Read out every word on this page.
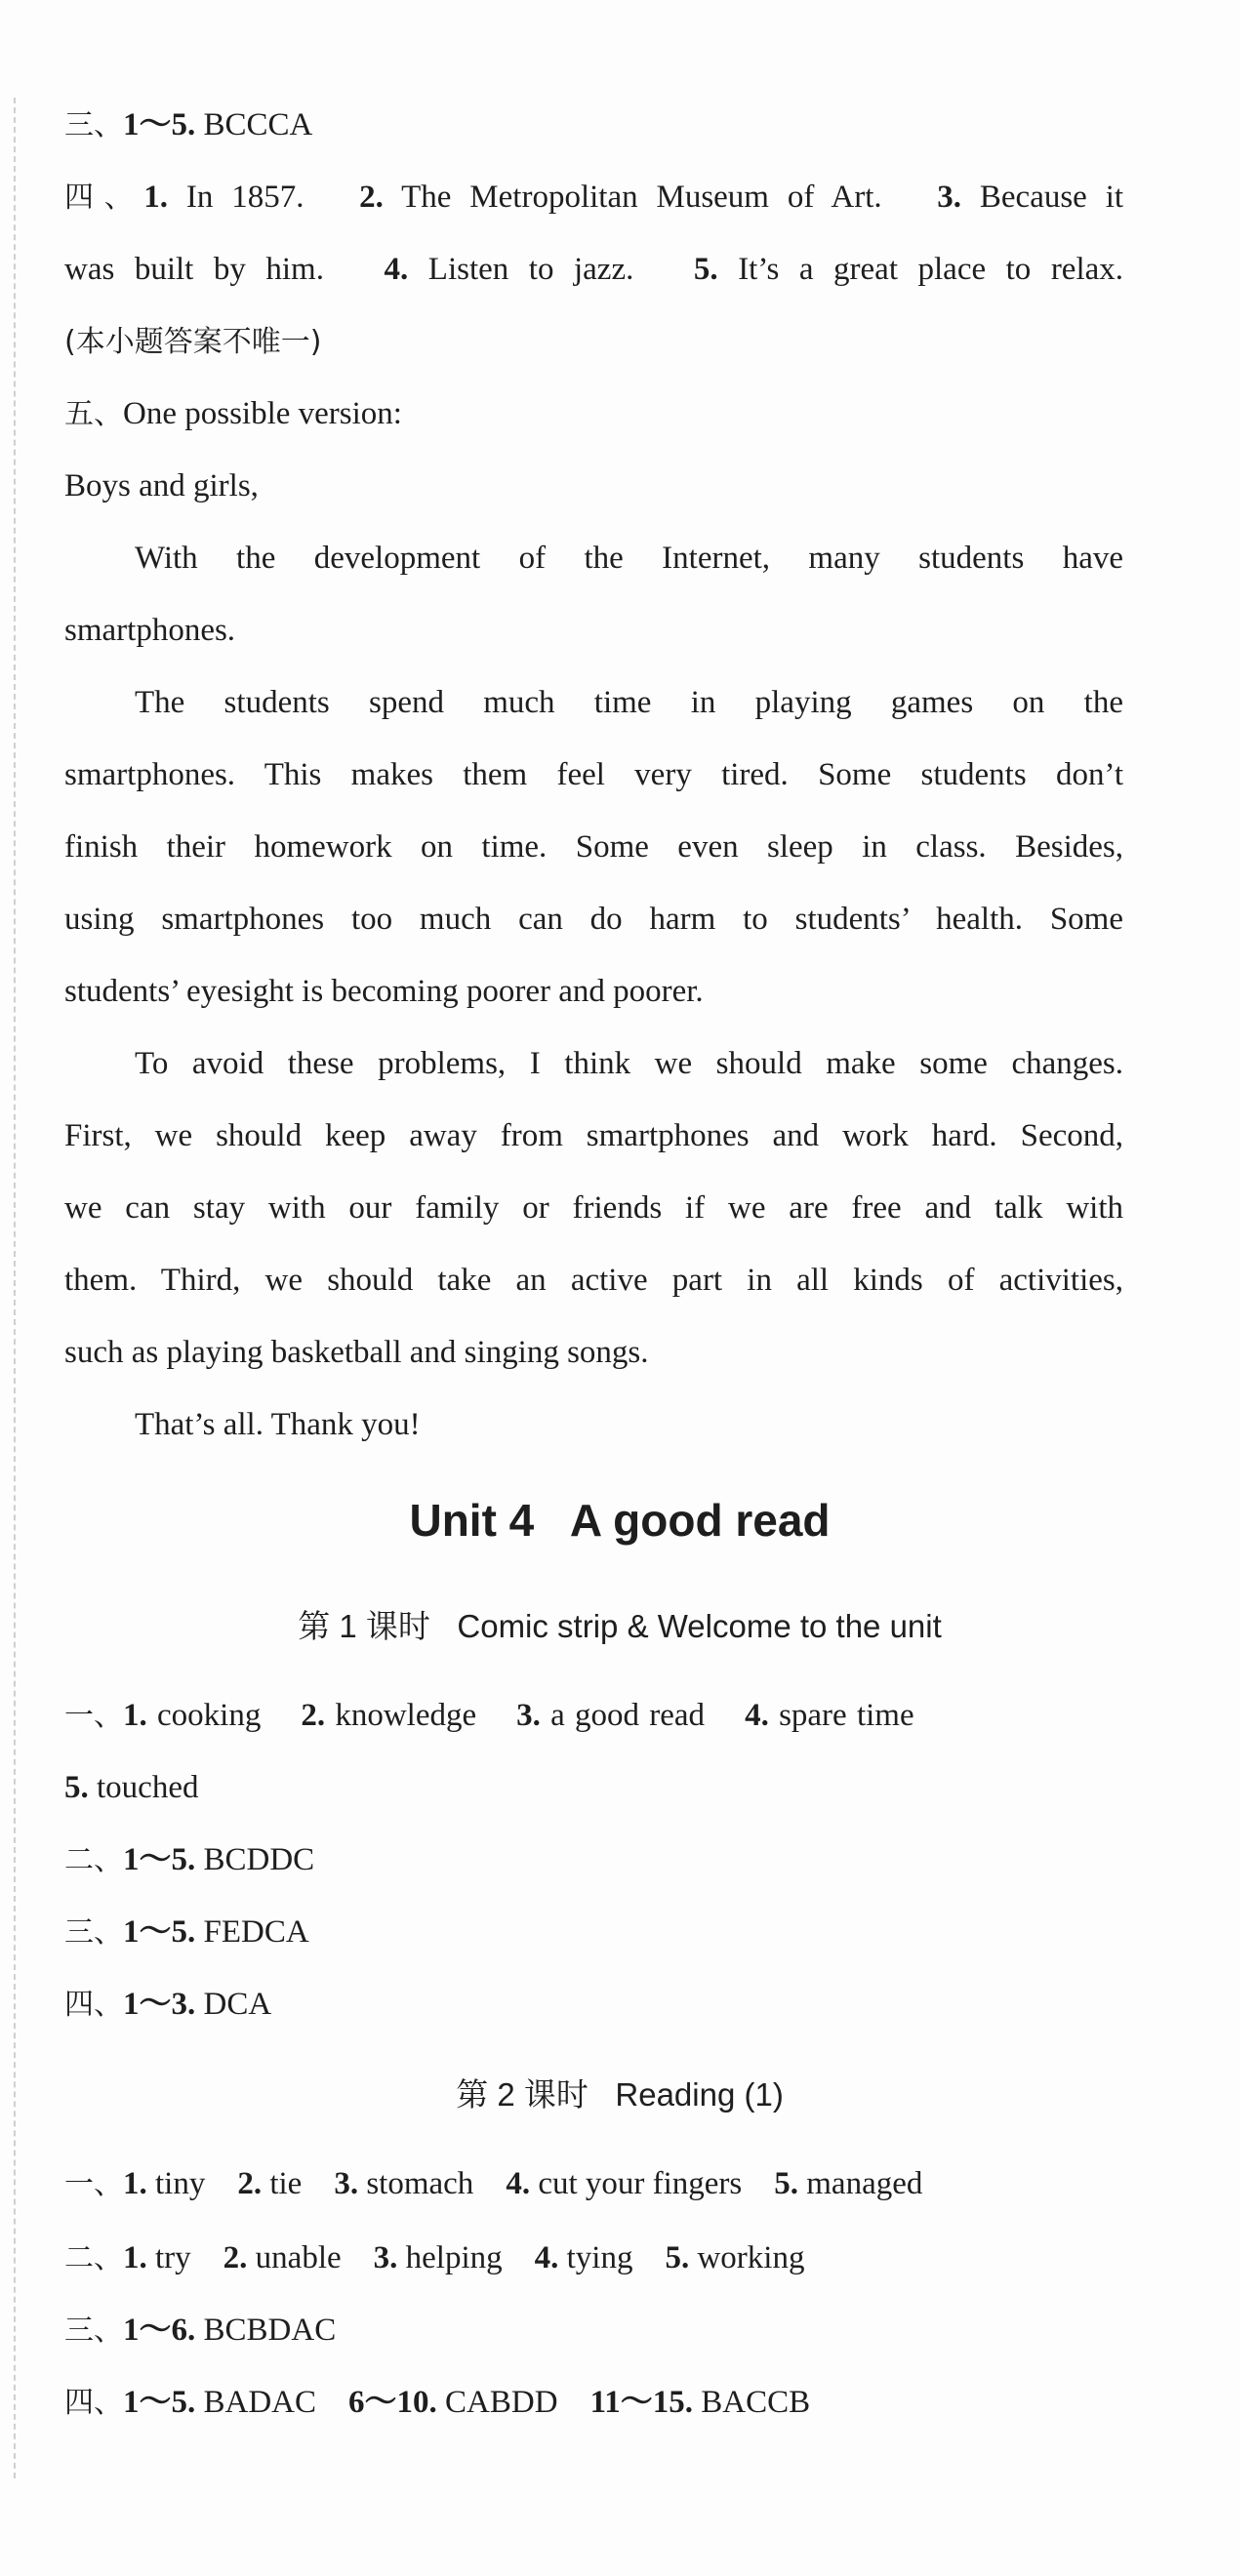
三、1～5. BCCCA
四、1. In 1857. 2. The Metropolitan Museum of Art. 3. Because it
was built by him. 4. Listen to jazz. 5. It’s a great place to relax.
(本小题答案不唯一)
五、One possible version:
Boys and girls,
With the development of the Internet, many students have
smartphones.
The students spend much time in playing games on the
smartphones. This makes them feel very tired. Some students don’t
finish their homework on time. Some even sleep in class. Besides,
using smartphones too much can do harm to students’ health. Some
students’ eyesight is becoming poorer and poorer.
To avoid these problems, I think we should make some changes.
First, we should keep away from smartphones and work hard. Second,
we can stay with our family or friends if we are free and talk with
them. Third, we should take an active part in all kinds of activities,
such as playing basketball and singing songs.
That’s all. Thank you!
Unit 4   A good read
第 1 课时   Comic strip & Welcome to the unit
一、1. cooking 2. knowledge 3. a good read 4. spare time
5. touched
二、1～5. BCDDC
三、1～5. FEDCA
四、1～3. DCA
第 2 课时   Reading (1)
一、1. tiny 2. tie 3. stomach 4. cut your fingers 5. managed
二、1. try 2. unable 3. helping 4. tying 5. working
三、1～6. BCBDAC
四、1～5. BADAC 6～10. CABDD 11～15. BACCB
